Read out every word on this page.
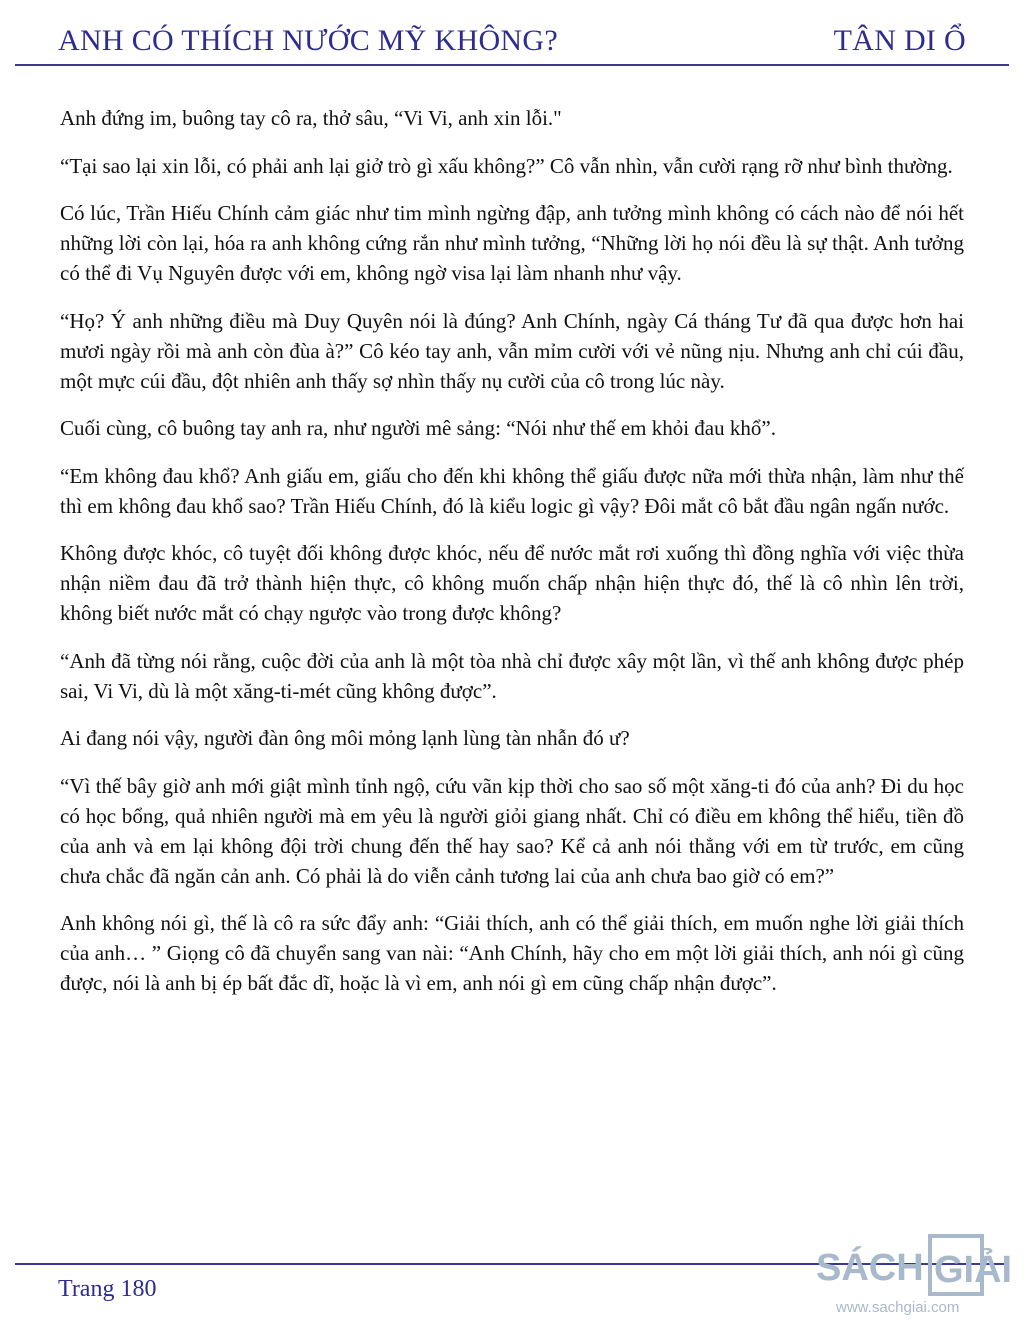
ANH CÓ THÍCH NƯỚC MỸ KHÔNG?	TÂN DI Ổ

Anh đứng im, buông tay cô ra, thở sâu, “Vi Vi, anh xin lỗi."

“Tại sao lại xin lỗi, có phải anh lại giở trò gì xấu không?” Cô vẫn nhìn, vẫn cười rạng rỡ như bình thường.

Có lúc, Trần Hiếu Chính cảm giác như tim mình ngừng đập, anh tưởng mình không có cách nào để nói hết những lời còn lại, hóa ra anh không cứng rắn như mình tưởng, “Những lời họ nói đều là sự thật. Anh tưởng có thể đi Vụ Nguyên được với em, không ngờ visa lại làm nhanh như vậy.

“Họ? Ý anh những điều mà Duy Quyên nói là đúng? Anh Chính, ngày Cá tháng Tư đã qua được hơn hai mươi ngày rồi mà anh còn đùa à?” Cô kéo tay anh, vẫn mỉm cười với vẻ nũng nịu. Nhưng anh chỉ cúi đầu, một mực cúi đầu, đột nhiên anh thấy sợ nhìn thấy nụ cười của cô trong lúc này.

Cuối cùng, cô buông tay anh ra, như người mê sảng: “Nói như thế em khỏi đau khổ”.

“Em không đau khổ? Anh giấu em, giấu cho đến khi không thể giấu được nữa mới thừa nhận, làm như thế thì em không đau khổ sao? Trần Hiếu Chính, đó là kiểu logic gì vậy? Đôi mắt cô bắt đầu ngân ngấn nước.

Không được khóc, cô tuyệt đối không được khóc, nếu để nước mắt rơi xuống thì đồng nghĩa với việc thừa nhận niềm đau đã trở thành hiện thực, cô không muốn chấp nhận hiện thực đó, thế là cô nhìn lên trời, không biết nước mắt có chạy ngược vào trong được không?

“Anh đã từng nói rằng, cuộc đời của anh là một tòa nhà chỉ được xây một lần, vì thế anh không được phép sai, Vi Vi, dù là một xăng-ti-mét cũng không được”.

Ai đang nói vậy, người đàn ông môi mỏng lạnh lùng tàn nhẫn đó ư?

“Vì thế bây giờ anh mới giật mình tỉnh ngộ, cứu vãn kịp thời cho sao số một xăng-ti đó của anh? Đi du học có học bổng, quả nhiên người mà em yêu là người giỏi giang nhất. Chỉ có điều em không thể hiểu, tiền đồ của anh và em lại không đội trời chung đến thế hay sao? Kể cả anh nói thẳng với em từ trước, em cũng chưa chắc đã ngăn cản anh. Có phải là do viễn cảnh tương lai của anh chưa bao giờ có em?”

Anh không nói gì, thế là cô ra sức đẩy anh: “Giải thích, anh có thể giải thích, em muốn nghe lời giải thích của anh… ” Giọng cô đã chuyển sang van nài: “Anh Chính, hãy cho em một lời giải thích, anh nói gì cũng được, nói là anh bị ép bất đắc dĩ, hoặc là vì em, anh nói gì em cũng chấp nhận được”.

Trang 180	SÁCH GIẢI
www.sachgiai.com
